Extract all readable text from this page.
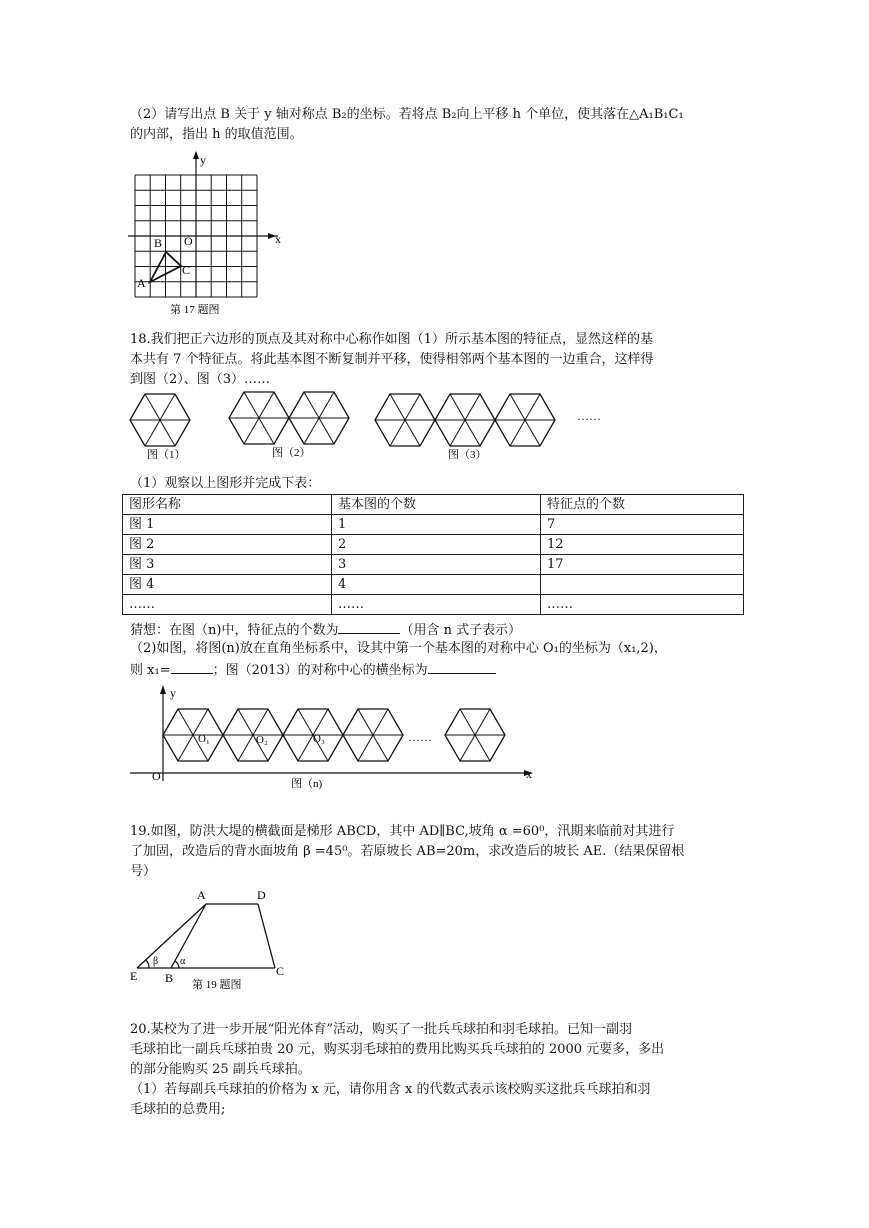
（2）请写出点 B 关于 y 轴对称点 B₂的坐标。若将点 B₂向上平移 h 个单位，使其落在△A₁B₁C₁
的内部，指出 h 的取值范围。
y
x
O
B
C
A
第 17 题图
18.我们把正六边形的顶点及其对称中心称作如图（1）所示基本图的特征点，显然这样的基
本共有 7 个特征点。将此基本图不断复制并平移，使得相邻两个基本图的一边重合，这样得
到图（2）、图（3）……
图（1）	图（2）	图（3）
……
（1）观察以上图形并完成下表：
图形名称	基本图的个数	特征点的个数
图 1	1	7
图 2	2	12
图 3	3	17
图 4	4	
……	……	……
猜想：在图（n)中，特征点的个数为	（用含 n 式子表示）
（2)如图，将图(n)放在直角坐标系中，设其中第一个基本图的对称中心 O₁的坐标为（x₁,2)，
则 x₁=	；图（2013）的对称中心的横坐标为
y
x
O
O₁	O₂	O₃	……
图（n)
19.如图，防洪大堤的横截面是梯形 ABCD，其中 AD∥BC,坡角 α =60⁰，汛期来临前对其进行
了加固，改造后的背水面坡角 β =45⁰。若原坡长 AB=20m，求改造后的坡长 AE.（结果保留根
号）
A	D
E B	C
β α
第 19 题图
20.某校为了进一步开展“阳光体育”活动，购买了一批兵乓球拍和羽毛球拍。已知一副羽
毛球拍比一副兵乓球拍贵 20 元，购买羽毛球拍的费用比购买兵乓球拍的 2000 元要多，多出
的部分能购买 25 副兵乓球拍。
（1）若每副兵乓球拍的价格为 x 元，请你用含 x 的代数式表示该校购买这批兵乓球拍和羽
毛球拍的总费用;
